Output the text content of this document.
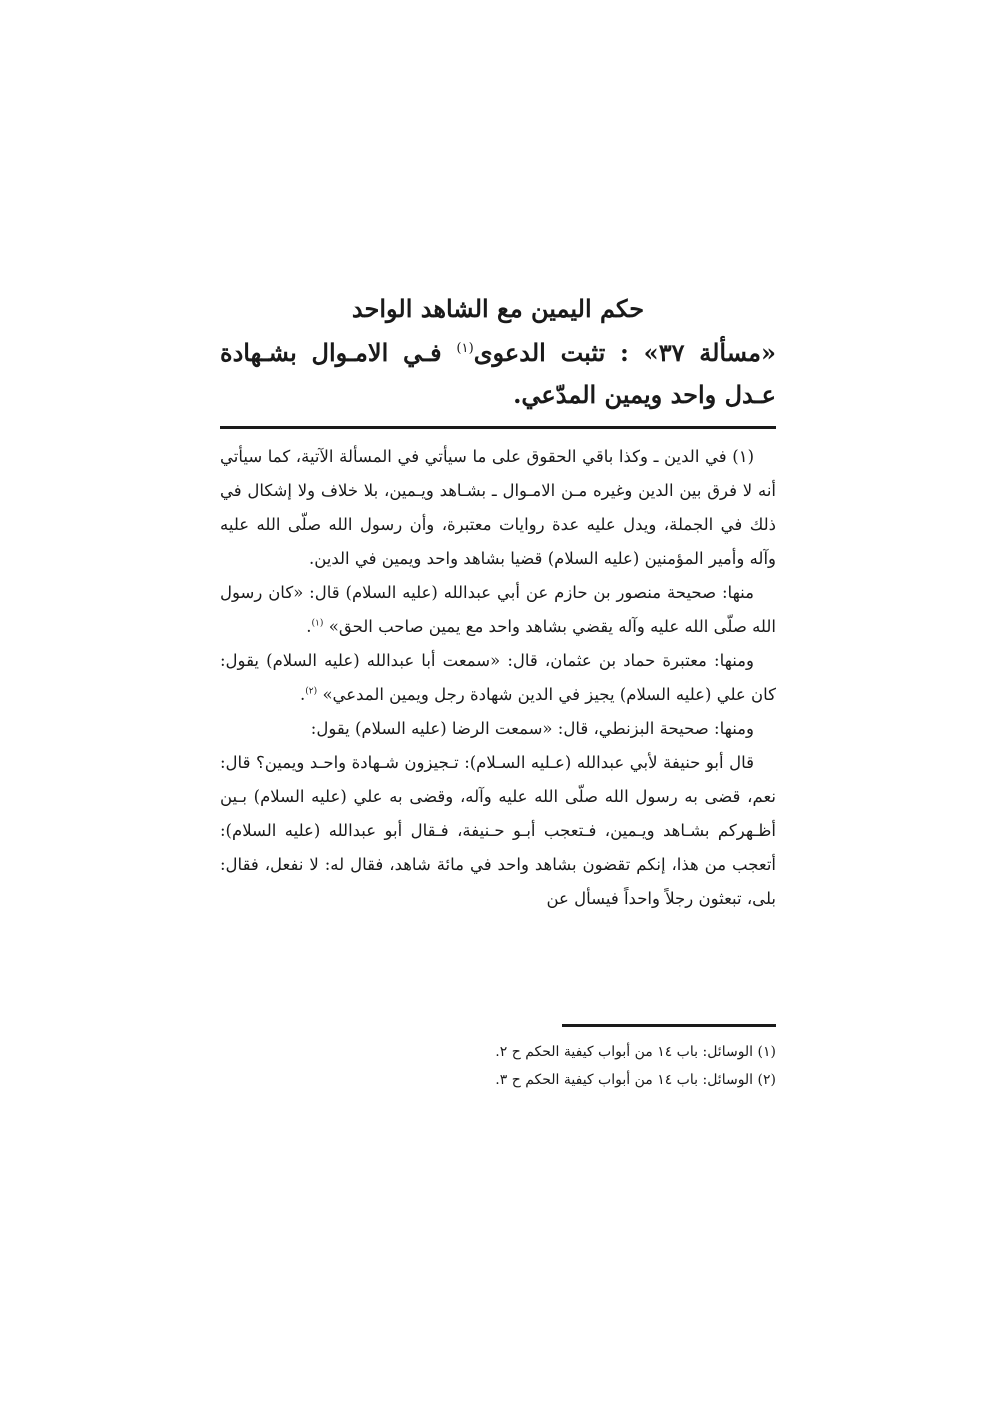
حكم اليمين مع الشاهد الواحد
«مسألة ٣٧» : تثبت الدعوى$^{(١)}$ فـي الامـوال بشـهادة عـدل واحد ويمين المدّعي.

(١) في الدين ـ وكذا باقي الحقوق على ما سيأتي في المسألة الآتية، كما سيأتي أنه لا فرق بين الدين وغيره مـن الامـوال ـ بشـاهد ويـمين، بلا خلاف ولا إشكال في ذلك في الجملة، ويدل عليه عدة روايات معتبرة، وأن رسول الله صلّى الله عليه وآله وأمير المؤمنين (عليه السلام) قضيا بشاهد واحد ويمين في الدين.

منها: صحيحة منصور بن حازم عن أبي عبدالله (عليه السلام) قال: «كان رسول الله صلّى الله عليه وآله يقضي بشاهد واحد مع يمين صاحب الحق» $^{(١)}$.

ومنها: معتبرة حماد بن عثمان، قال: «سمعت أبا عبدالله (عليه السلام) يقول: كان علي (عليه السلام) يجيز في الدين شهادة رجل ويمين المدعي» $^{(٢)}$.

ومنها: صحيحة البزنطي، قال: «سمعت الرضا (عليه السلام) يقول:

قال أبو حنيفة لأبي عبدالله (عـليه السـلام): تـجيزون شـهادة واحـد ويمين؟ قال: نعم، قضى به رسول الله صلّى الله عليه وآله، وقضى به علي (عليه السلام) بـين أظـهركم بشـاهد ويـمين، فـتعجب أبـو حـنيفة، فـقال أبو عبدالله (عليه السلام): أتعجب من هذا، إنكم تقضون بشاهد واحد في مائة شاهد، فقال له: لا نفعل، فقال: بلى، تبعثون رجلاً واحداً فيسأل عن

(١) الوسائل: باب ١٤ من أبواب كيفية الحكم ح ٢.

(٢) الوسائل: باب ١٤ من أبواب كيفية الحكم ح ٣.
